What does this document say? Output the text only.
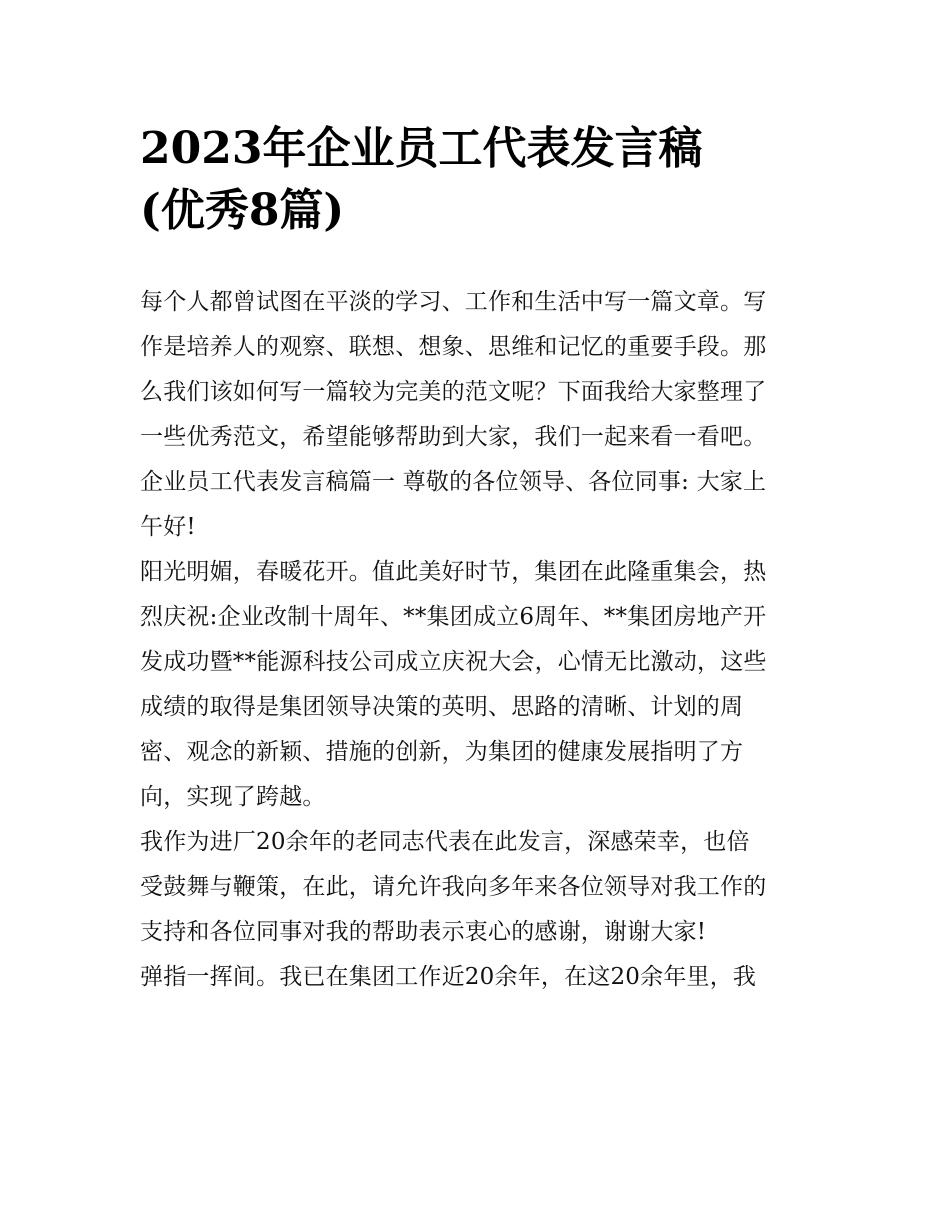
2023年企业员工代表发言稿
(优秀8篇)
每个人都曾试图在平淡的学习、工作和生活中写一篇文章。写
作是培养人的观察、联想、想象、思维和记忆的重要手段。那
么我们该如何写一篇较为完美的范文呢？下面我给大家整理了
一些优秀范文，希望能够帮助到大家，我们一起来看一看吧。
企业员工代表发言稿篇一 尊敬的各位领导、各位同事: 大家上
午好!
阳光明媚，春暖花开。值此美好时节，集团在此隆重集会，热
烈庆祝:企业改制十周年、**集团成立6周年、**集团房地产开
发成功暨**能源科技公司成立庆祝大会，心情无比激动，这些
成绩的取得是集团领导决策的英明、思路的清晰、计划的周
密、观念的新颖、措施的创新，为集团的健康发展指明了方
向，实现了跨越。
我作为进厂20余年的老同志代表在此发言，深感荣幸，也倍
受鼓舞与鞭策，在此，请允许我向多年来各位领导对我工作的
支持和各位同事对我的帮助表示衷心的感谢，谢谢大家!
弹指一挥间。我已在集团工作近20余年，在这20余年里，我
